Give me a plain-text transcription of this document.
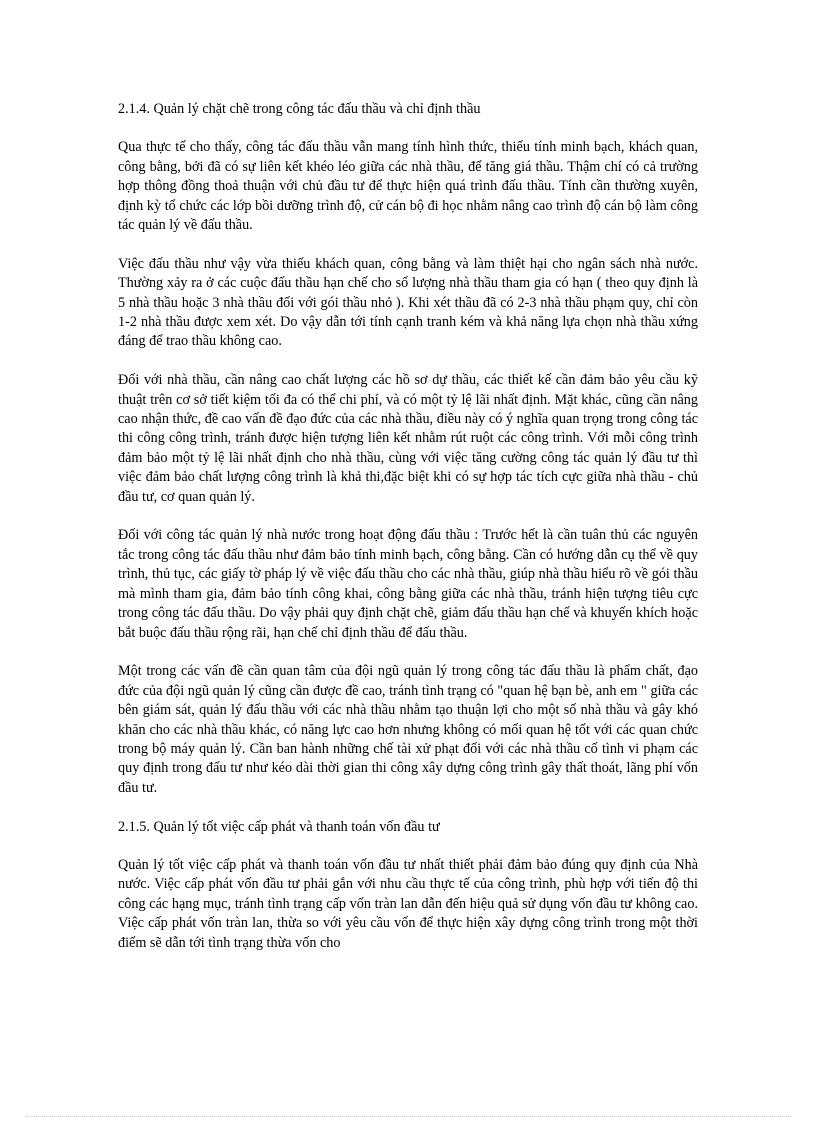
2.1.4. Quản lý chặt chẽ trong công tác đấu thầu và chỉ định thầu

Qua thực tế cho thấy, công tác đấu thầu vẫn mang tính hình thức, thiếu tính minh bạch, khách quan, công bằng, bởi đã có sự liên kết khéo léo giữa các nhà thầu, để tăng giá thầu. Thậm chí có cả trường hợp thông đồng thoả thuận với chủ đầu tư để thực hiện quá trình đấu thầu. Tính cần thường xuyên, định kỳ tổ chức các lớp bồi dưỡng trình độ, cử cán bộ đi học nhằm nâng cao trình độ cán bộ làm công tác quản lý về đấu thầu.

Việc đấu thầu như vậy vừa thiếu khách quan, công bằng và làm thiệt hại cho ngân sách nhà nước. Thường xảy ra ở các cuộc đấu thầu hạn chế cho số lượng nhà thầu tham gia có hạn ( theo quy định là 5 nhà thầu hoặc 3 nhà thầu đối với gói thầu nhỏ ). Khi xét thầu đã có 2-3 nhà thầu phạm quy, chỉ còn 1-2 nhà thầu được xem xét. Do vậy dẫn tới tính cạnh tranh kém và khả năng lựa chọn nhà thầu xứng đáng để trao thầu không cao.

Đối với nhà thầu, cần nâng cao chất lượng các hồ sơ dự thầu, các thiết kế cần đảm bảo yêu cầu kỹ thuật trên cơ sở tiết kiệm tối đa có thể chi phí, và có một tỷ lệ lãi nhất định. Mặt khác, cũng cần nâng cao nhận thức, đề cao vấn đề đạo đức của các nhà thầu, điều này có ý nghĩa quan trọng trong công tác thi công công trình, tránh được hiện tượng liên kết nhằm rút ruột các công trình. Với mỗi công trình đảm bảo một tỷ lệ lãi nhất định cho nhà thầu, cùng với việc tăng cường công tác quản lý đầu tư thì việc đảm bảo chất lượng công trình là khả thi,đặc biệt khi có sự hợp tác tích cực giữa nhà thầu - chủ đầu tư, cơ quan quản lý.

Đối với công tác quản lý nhà nước trong hoạt động đấu thầu : Trước hết là cần tuân thủ các nguyên tắc trong công tác đấu thầu như đảm bảo tính minh bạch, công bằng. Cần có hướng dẫn cụ thể về quy trình, thủ tục, các giấy tờ pháp lý về việc đấu thầu cho các nhà thầu, giúp nhà thầu hiểu rõ về gói thầu mà mình tham gia, đảm bảo tính công khai, công bằng giữa các nhà thầu, tránh hiện tượng tiêu cực trong công tác đấu thầu. Do vậy phải quy định chặt chẽ, giảm đấu thầu hạn chế và khuyến khích hoặc bắt buộc đấu thầu rộng rãi, hạn chế chỉ định thầu để đấu thầu.

Một trong các vấn đề cần quan tâm của đội ngũ quản lý trong công tác đấu thầu là phẩm chất, đạo đức của đội ngũ quản lý cũng cần được đề cao, tránh tình trạng có "quan hệ bạn bè, anh em " giữa các bên giám sát, quản lý đấu thầu với các nhà thầu nhằm tạo thuận lợi cho một số nhà thầu và gây khó khăn cho các nhà thầu khác, có năng lực cao hơn nhưng không có mối quan hệ tốt với các quan chức trong bộ máy quản lý. Cần ban hành những chế tài xử phạt đối với các nhà thầu cố tình vi phạm các quy định trong đấu tư như kéo dài thời gian thi công xây dựng công trình gây thất thoát, lãng phí vốn đầu tư.

2.1.5. Quản lý tốt việc cấp phát và thanh toán vốn đầu tư

Quản lý tốt việc cấp phát và thanh toán vốn đầu tư nhất thiết phải đảm bảo đúng quy định của Nhà nước. Việc cấp phát vốn đầu tư phải gắn với nhu cầu thực tế của công trình, phù hợp với tiến độ thi công các hạng mục, tránh tình trạng cấp vốn tràn lan dẫn đến hiệu quả sử dụng vốn đầu tư không cao. Việc cấp phát vốn tràn lan, thừa so với yêu cầu vốn để thực hiện xây dựng công trình trong một thời điểm sẽ dẫn tới tình trạng thừa vốn cho
